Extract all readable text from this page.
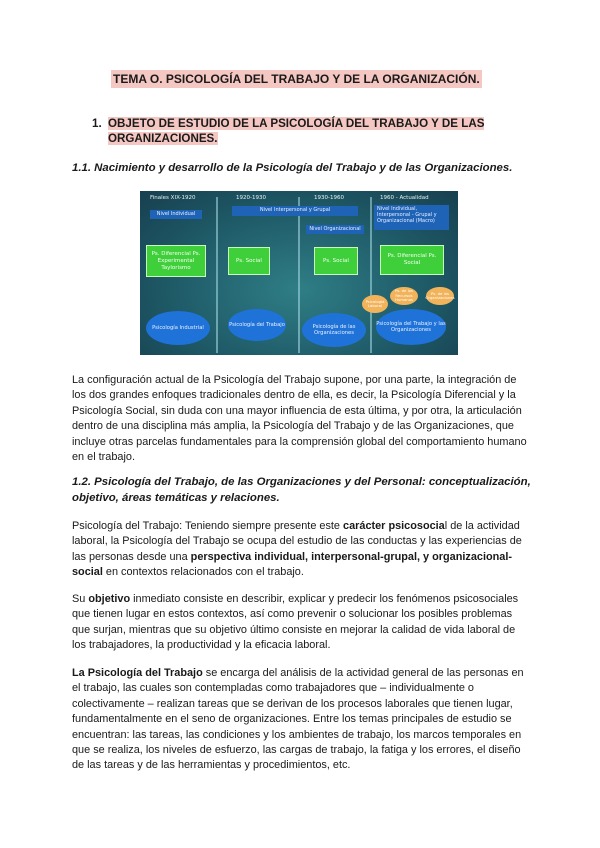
TEMA O. PSICOLOGÍA DEL TRABAJO Y DE LA ORGANIZACIÓN.
1. OBJETO DE ESTUDIO DE LA PSICOLOGÍA DEL TRABAJO Y DE LAS
ORGANIZACIONES.
1.1. Nacimiento y desarrollo de la Psicología del Trabajo y de las Organizaciones.
Finales XIX-1920	1920-1930	1930-1960	1960 - Actualidad
Nivel Individual
Nivel Interpersonal y Grupal
Nivel Organizacional
Nivel Individual, Interpersonal - Grupal y Organizacional (Macro)
Ps. Diferencial Ps. Experimental Taylorismo
Ps. Social	Ps. Social
Ps. Diferencial Ps. Social
Psicología Industrial	Psicología del Trabajo	Psicología de las Organizaciones
Psicología del Trabajo y las Organizaciones
Psicología Laboral
Ps. de los Recursos Humanos
Ps. de las Organizaciones
La configuración actual de la Psicología del Trabajo supone, por una parte, la integración de los dos grandes enfoques tradicionales dentro de ella, es decir, la Psicología Diferencial y la Psicología Social, sin duda con una mayor influencia de esta última, y por otra, la articulación dentro de una disciplina más amplia, la Psicología del Trabajo y de las Organizaciones, que incluye otras parcelas fundamentales para la comprensión global del comportamiento humano en el trabajo.
1.2. Psicología del Trabajo, de las Organizaciones y del Personal: conceptualización,
objetivo, áreas temáticas y relaciones.
Psicología del Trabajo: Teniendo siempre presente este carácter psicosocial de la actividad laboral, la Psicología del Trabajo se ocupa del estudio de las conductas y las experiencias de las personas desde una perspectiva individual, interpersonal-grupal, y organizacional-social en contextos relacionados con el trabajo.
Su objetivo inmediato consiste en describir, explicar y predecir los fenómenos psicosociales que tienen lugar en estos contextos, así como prevenir o solucionar los posibles problemas que surjan, mientras que su objetivo último consiste en mejorar la calidad de vida laboral de los trabajadores, la productividad y la eficacia laboral.
La Psicología del Trabajo se encarga del análisis de la actividad general de las personas en el trabajo, las cuales son contempladas como trabajadores que – individualmente o colectivamente – realizan tareas que se derivan de los procesos laborales que tienen lugar, fundamentalmente en el seno de organizaciones. Entre los temas principales de estudio se encuentran: las tareas, las condiciones y los ambientes de trabajo, los marcos temporales en que se realiza, los niveles de esfuerzo, las cargas de trabajo, la fatiga y los errores, el diseño de las tareas y de las herramientas y procedimientos, etc.
